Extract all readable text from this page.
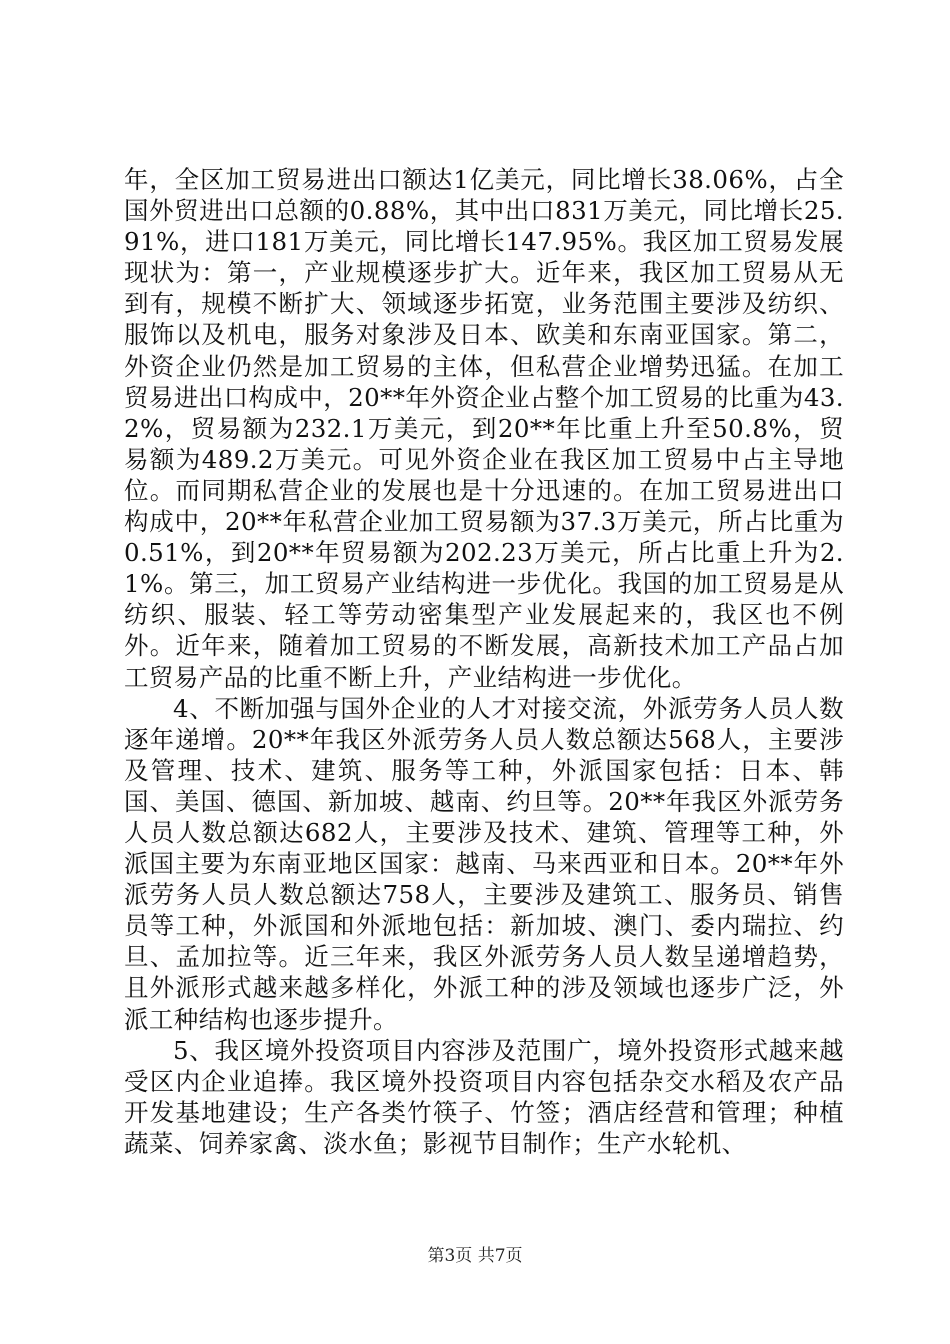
年，全区加工贸易进出口额达1亿美元，同比增长38.06%，占全国外贸进出口总额的0.88%，其中出口831万美元，同比增长25.91%，进口181万美元，同比增长147.95%。我区加工贸易发展现状为：第一，产业规模逐步扩大。近年来，我区加工贸易从无到有，规模不断扩大、领域逐步拓宽，业务范围主要涉及纺织、服饰以及机电，服务对象涉及日本、欧美和东南亚国家。第二，外资企业仍然是加工贸易的主体，但私营企业增势迅猛。在加工贸易进出口构成中，20**年外资企业占整个加工贸易的比重为43.2%，贸易额为232.1万美元，到20**年比重上升至50.8%，贸易额为489.2万美元。可见外资企业在我区加工贸易中占主导地位。而同期私营企业的发展也是十分迅速的。在加工贸易进出口构成中，20**年私营企业加工贸易额为37.3万美元，所占比重为0.51%，到20**年贸易额为202.23万美元，所占比重上升为2.1%。第三，加工贸易产业结构进一步优化。我国的加工贸易是从纺织、服装、轻工等劳动密集型产业发展起来的，我区也不例外。近年来，随着加工贸易的不断发展，高新技术加工产品占加工贸易产品的比重不断上升，产业结构进一步优化。

4、不断加强与国外企业的人才对接交流，外派劳务人员人数逐年递增。20**年我区外派劳务人员人数总额达568人，主要涉及管理、技术、建筑、服务等工种，外派国家包括：日本、韩国、美国、德国、新加坡、越南、约旦等。20**年我区外派劳务人员人数总额达682人，主要涉及技术、建筑、管理等工种，外派国主要为东南亚地区国家：越南、马来西亚和日本。20**年外派劳务人员人数总额达758人，主要涉及建筑工、服务员、销售员等工种，外派国和外派地包括：新加坡、澳门、委内瑞拉、约旦、孟加拉等。近三年来，我区外派劳务人员人数呈递增趋势，且外派形式越来越多样化，外派工种的涉及领域也逐步广泛，外派工种结构也逐步提升。

5、我区境外投资项目内容涉及范围广，境外投资形式越来越受区内企业追捧。我区境外投资项目内容包括杂交水稻及农产品开发基地建设；生产各类竹筷子、竹签；酒店经营和管理；种植蔬菜、饲养家禽、淡水鱼；影视节目制作；生产水轮机、

第3页 共7页
